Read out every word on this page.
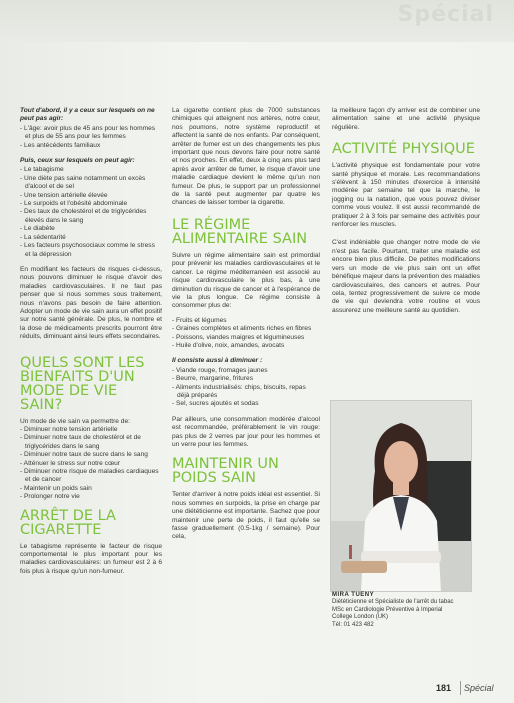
Spécial
Tout d'abord, il y a ceux sur lesquels on ne peut pas agir:
- L'âge: avoir plus de 45 ans pour les hommes et plus de 55 ans pour les femmes
- Les antécédents familiaux
Puis, ceux sur lesquels on peut agir:
- Le tabagisme
- Une diète pas saine notamment un excès d'alcool et de sel
- Une tension artérielle élevée
- Le surpoids et l'obésité abdominale
- Des taux de cholestérol et de triglycérides élevés dans le sang
- Le diabète
- La sédentarité
- Les facteurs psychosociaux comme le stress et la dépression

En modifiant les facteurs de risques ci-dessus, nous pouvons diminuer le risque d'avoir des maladies cardiovasculaires. Il ne faut pas penser que si nous sommes sous traitement, nous n'avons pas besoin de faire attention. Adopter un mode de vie sain aura un effet positif sur notre santé générale. De plus, le nombre et la dose de médicaments prescrits pourront être réduits, diminuant ainsi leurs effets secondaires.

QUELS SONT LES BIENFAITS D'UN MODE DE VIE SAIN?
Un mode de vie sain va permettre de:
- Diminuer notre tension artérielle
- Diminuer notre taux de cholestérol et de triglycérides dans le sang
- Diminuer notre taux de sucre dans le sang
- Atténuer le stress sur notre cœur
- Diminuer notre risque de maladies cardiaques et de cancer
- Maintenir un poids sain
- Prolonger notre vie
ARRÊT DE LA CIGARETTE

Le tabagisme représente le facteur de risque comportemental le plus important pour les maladies cardiovasculaires: un fumeur est 2 à 6 fois plus à risque qu'un non-fumeur.

La cigarette contient plus de 7000 substances chimiques qui atteignent nos artères, notre cœur, nos poumons, notre système reproductif et affectent la santé de nos enfants. Par conséquent, arrêter de fumer est un des changements les plus important que nous devons faire pour notre santé et nos proches. En effet, deux à cinq ans plus tard après avoir arrêter de fumer, le risque d'avoir une maladie cardiaque devient le même qu'un non fumeur. De plus, le support par un professionnel de la santé peut augmenter par quatre les chances de laisser tomber la cigarette.

LE RÉGIME ALIMENTAIRE SAIN

Suivre un régime alimentaire sain est primordial pour prévenir les maladies cardiovasculaires et le cancer. Le régime méditerranéen est associé au risque cardiovasculaire le plus bas, à une diminution du risque de cancer et à l'espérance de vie la plus longue. Ce régime consiste à consommer plus de:

- Fruits et légumes
- Graines complètes et aliments riches en fibres
- Poissons, viandes maigres et légumineuses
- Huile d'olive, noix, amandes, avocats
Il consiste aussi à diminuer :
- Viande rouge, fromages jaunes
- Beurre, margarine, fritures
- Aliments industrialisés: chips, biscuits, repas déjà préparés
- Sel, sucres ajoutés et sodas

Par ailleurs, une consommation modérée d'alcool est recommandée, préférablement le vin rouge: pas plus de 2 verres par jour pour les hommes et un verre pour les femmes.

MAINTENIR UN POIDS SAIN

Tenter d'arriver à notre poids idéal est essentiel. Si nous sommes en surpoids, la prise en charge par une diététicienne est importante. Sachez que pour maintenir une perte de poids, il faut qu'elle se fasse graduellement (0.5-1kg / semaine). Pour cela,

la meilleure façon d'y arriver est de combiner une alimentation saine et une activité physique régulière.

ACTIVITÉ PHYSIQUE

L'activité physique est fondamentale pour votre santé physique et morale. Les recommandations s'élèvent à 150 minutes d'exercice à intensité modérée par semaine tel que la marche, le jogging ou la natation, que vous pouvez diviser comme vous voulez. Il est aussi recommandé de pratiquer 2 à 3 fois par semaine des activités pour renforcer les muscles.

C'est indéniable que changer notre mode de vie n'est pas facile. Pourtant, traiter une maladie est encore bien plus difficile. De petites modifications vers un mode de vie plus sain ont un effet bénéfique majeur dans la prévention des maladies cardiovasculaires, des cancers et autres. Pour cela, tentez progressivement de suivre ce mode de vie qui deviendra votre routine et vous assurerez une meilleure santé au quotidien.

MIRA TUENY
Diététicienne et Spécialiste de l'arrêt du tabac
MSc en Cardiologie Préventive à Imperial
College London (UK)
Tél: 01 423 482
181 Spécial
